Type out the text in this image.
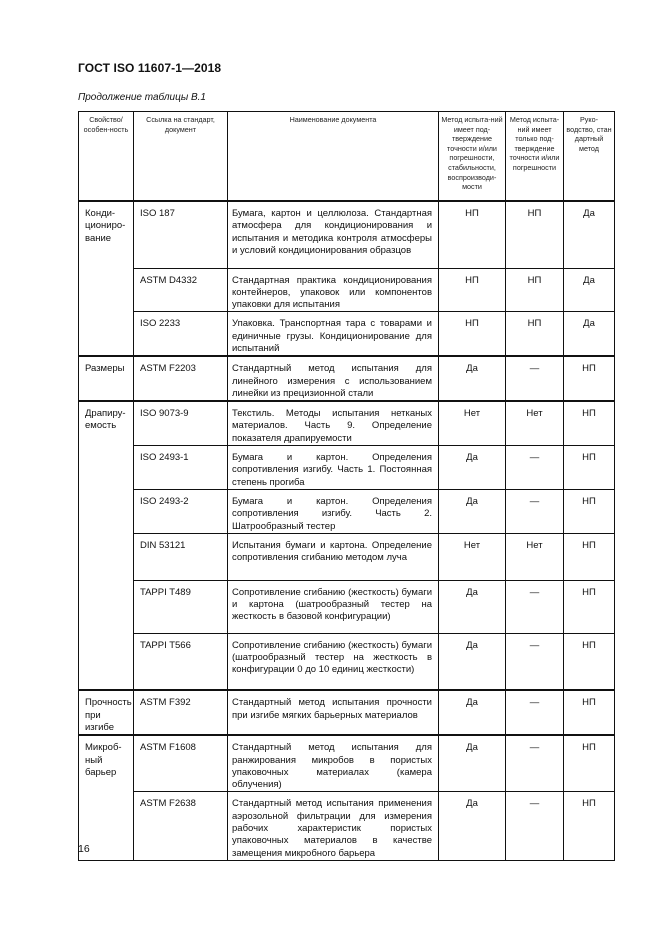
ГОСТ ISO 11607-1—2018
Продолжение таблицы В.1
Свойство/ особен-ность	Ссылка на стандарт, документ	Наименование документа	Метод испыта-ний имеет под-тверждение точности и/или погрешности, стабильности, воспроизводи-мости	Метод испыта-ний имеет только под-тверждение точности и/или погрешности	Руко-водство, стан дартный метод
Конди-циониро-вание	ISO 187	Бумага, картон и целлюлоза. Стандартная атмосфера для кондиционирования и испытания и методика контроля атмосферы и условий кондиционирования образцов	НП	НП	Да
	ASTM D4332	Стандартная практика кондиционирования контейнеров, упаковок или компонентов упаковки для испытания	НП	НП	Да
	ISO 2233	Упаковка. Транспортная тара с товарами и единичные грузы. Кондиционирование для испытаний	НП	НП	Да
Размеры	ASTM F2203	Стандартный метод испытания для линейного измерения с использованием линейки из прецизионной стали	Да	—	НП
Драпиру-емость	ISO 9073-9	Текстиль. Методы испытания нетканых материалов. Часть 9. Определение показателя драпируемости	Нет	Нет	НП
	ISO 2493-1	Бумага и картон. Определения сопротивления изгибу. Часть 1. Постоянная степень прогиба	Да	—	НП
	ISO 2493-2	Бумага и картон. Определения сопротивления изгибу. Часть 2. Шатрообразный тестер	Да	—	НП
	DIN 53121	Испытания бумаги и картона. Определение сопротивления сгибанию методом луча	Нет	Нет	НП
	TAPPI T489	Сопротивление сгибанию (жесткость) бумаги и картона (шатрообразный тестер на жесткость в базовой конфигурации)	Да	—	НП
	TAPPI T566	Сопротивление сгибанию (жесткость) бумаги (шатрообразный тестер на жесткость в конфигурации 0 до 10 единиц жесткости)	Да	—	НП
Прочность при изгибе	ASTM F392	Стандартный метод испытания прочности при изгибе мягких барьерных материалов	Да	—	НП
Микроб-ный барьер	ASTM F1608	Стандартный метод испытания для ранжирования микробов в пористых упаковочных материалах (камера облучения)	Да	—	НП
	ASTM F2638	Стандартный метод испытания применения аэрозольной фильтрации для измерения рабочих характеристик пористых упаковочных материалов в качестве замещения микробного барьера	Да	—	НП
16
